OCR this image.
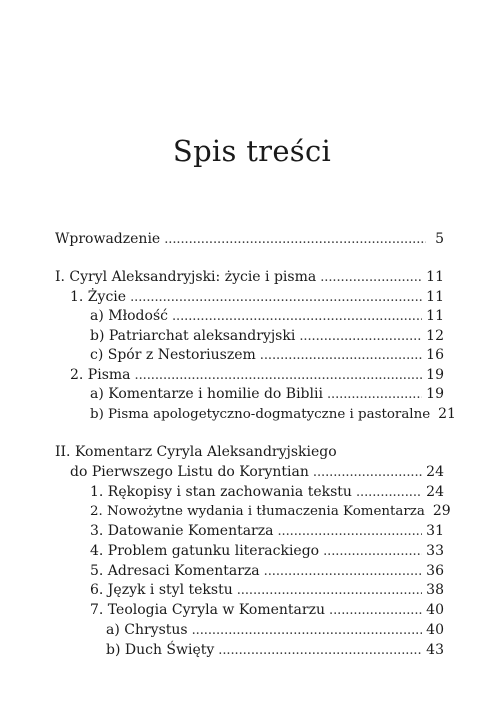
Spis treści
Wprowadzenie . . .	5
I. Cyryl Aleksandryjski: życie i pisma . . .	11
1. Życie . . .	11
a) Młodość . . .	11
b) Patriarchat aleksandryjski . . .	12
c) Spór z Nestoriuszem . . .	16
2. Pisma . . .	19
a) Komentarze i homilie do Biblii . . .	19
b) Pisma apologetyczno-dogmatyczne i pastoralne 21
II. Komentarz Cyryla Aleksandryjskiego
do Pierwszego Listu do Koryntian . . .	24
1. Rękopisy i stan zachowania tekstu . . .	24
2. Nowożytne wydania i tłumaczenia Komentarza 29
3. Datowanie Komentarza . . .	31
4. Problem gatunku literackiego . . .	33
5. Adresaci Komentarza . . .	36
6. Język i styl tekstu . . .	38
7. Teologia Cyryla w Komentarzu . . .	40
a) Chrystus . . .	40
b) Duch Święty . . .	43
